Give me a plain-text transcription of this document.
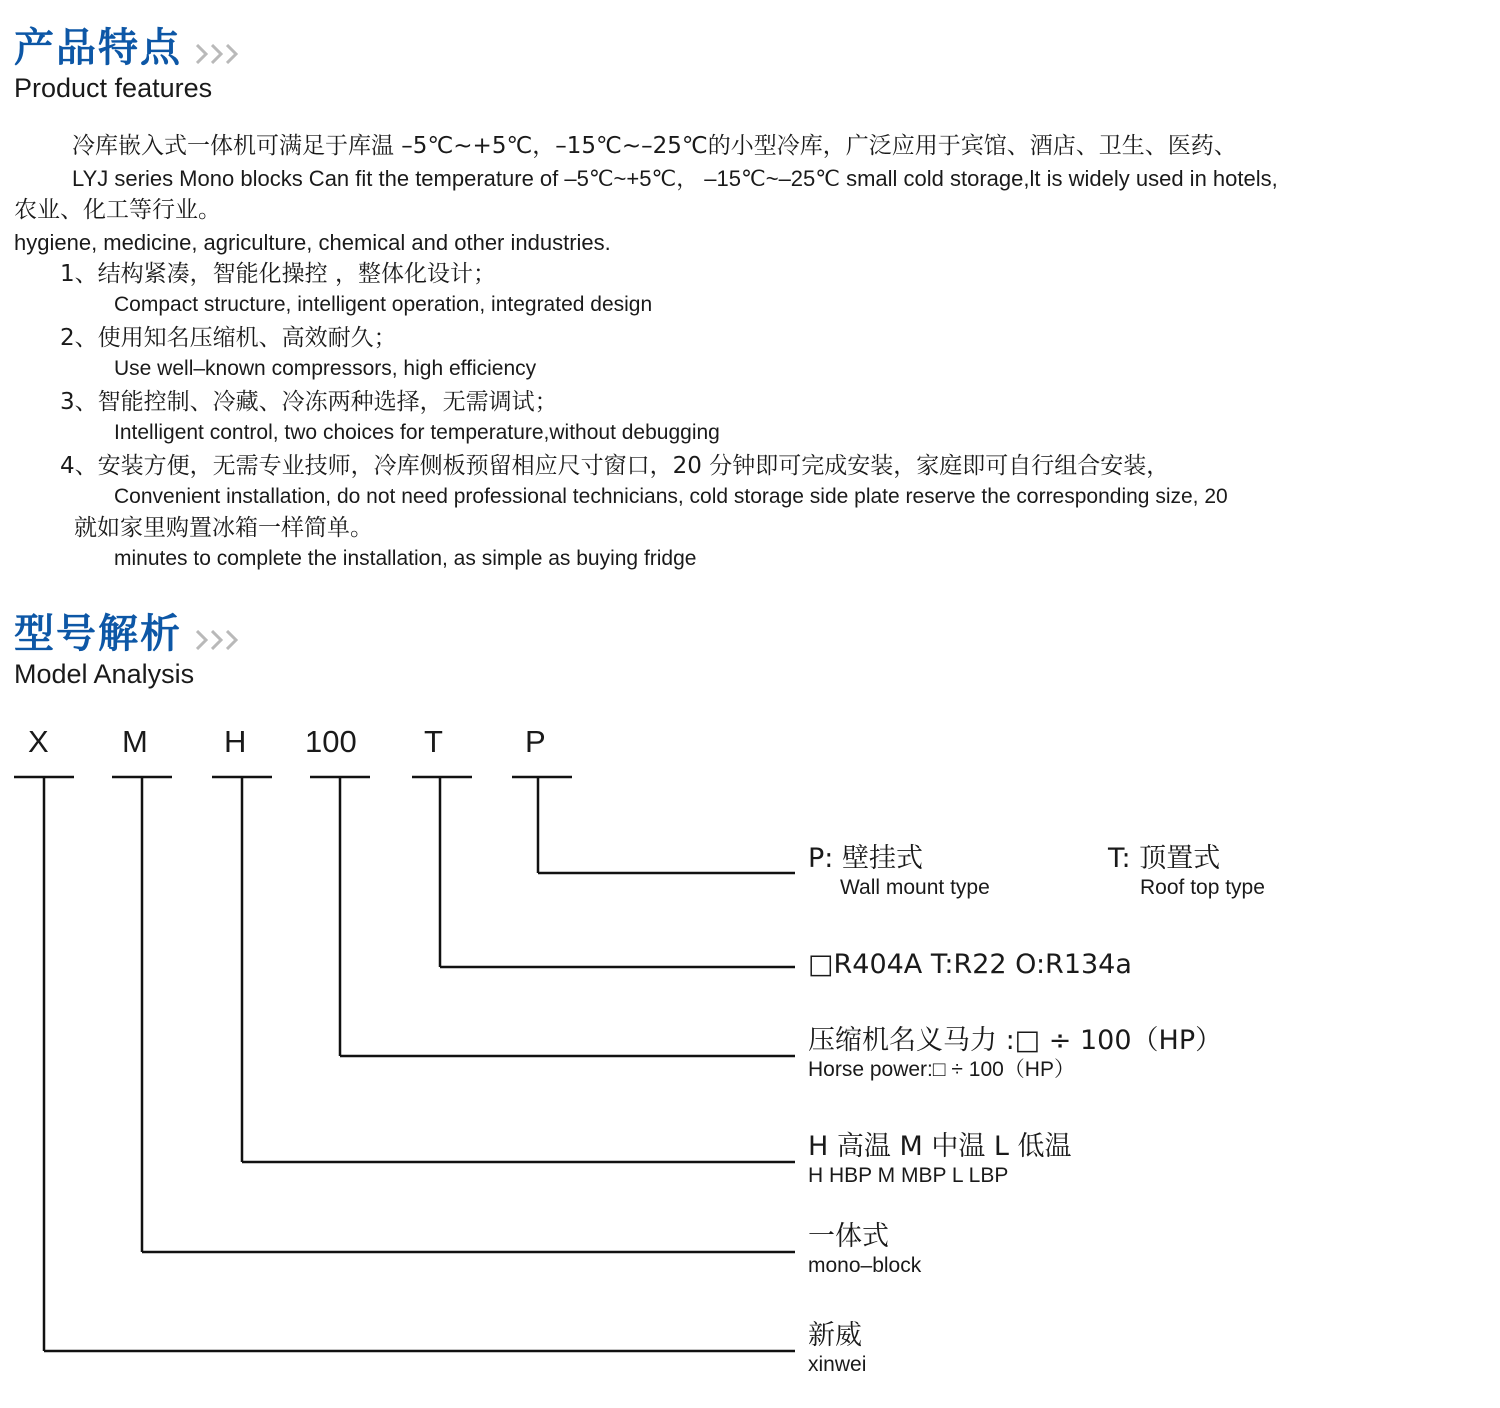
产品特点
Product features
冷库嵌入式一体机可满足于库温 –5℃~+5℃，–15℃~–25℃的小型冷库，广泛应用于宾馆、酒店、卫生、医药、
LYJ series Mono blocks Can fit the temperature of –5℃~+5℃， –15℃~–25℃ small cold storage,lt is widely used in hotels,
农业、化工等行业。
hygiene, medicine, agriculture, chemical and other industries.
1、结构紧凑，智能化操控 ，整体化设计；
Compact structure, intelligent operation, integrated design
2、使用知名压缩机、高效耐久；
Use well–known compressors, high efficiency
3、智能控制、冷藏、冷冻两种选择，无需调试；
Intelligent control, two choices for temperature,without debugging
4、安装方便，无需专业技师，冷库侧板预留相应尺寸窗口，20 分钟即可完成安装，家庭即可自行组合安装，
Convenient installation, do not need professional technicians, cold storage side plate reserve the corresponding size, 20
就如家里购置冰箱一样简单。
minutes to complete the installation, as simple as buying fridge
型号解析
Model Analysis
X M H 100 T	P
P: 壁挂式
Wall mount type
T: 顶置式
Roof top type
□R404A T:R22 O:R134a
压缩机名义马力 :□ ÷ 100（HP）
Horse power:□ ÷ 100（HP）
H 高温 M 中温 L 低温
H HBP M MBP L LBP
一体式
mono–block
新威
xinwei
